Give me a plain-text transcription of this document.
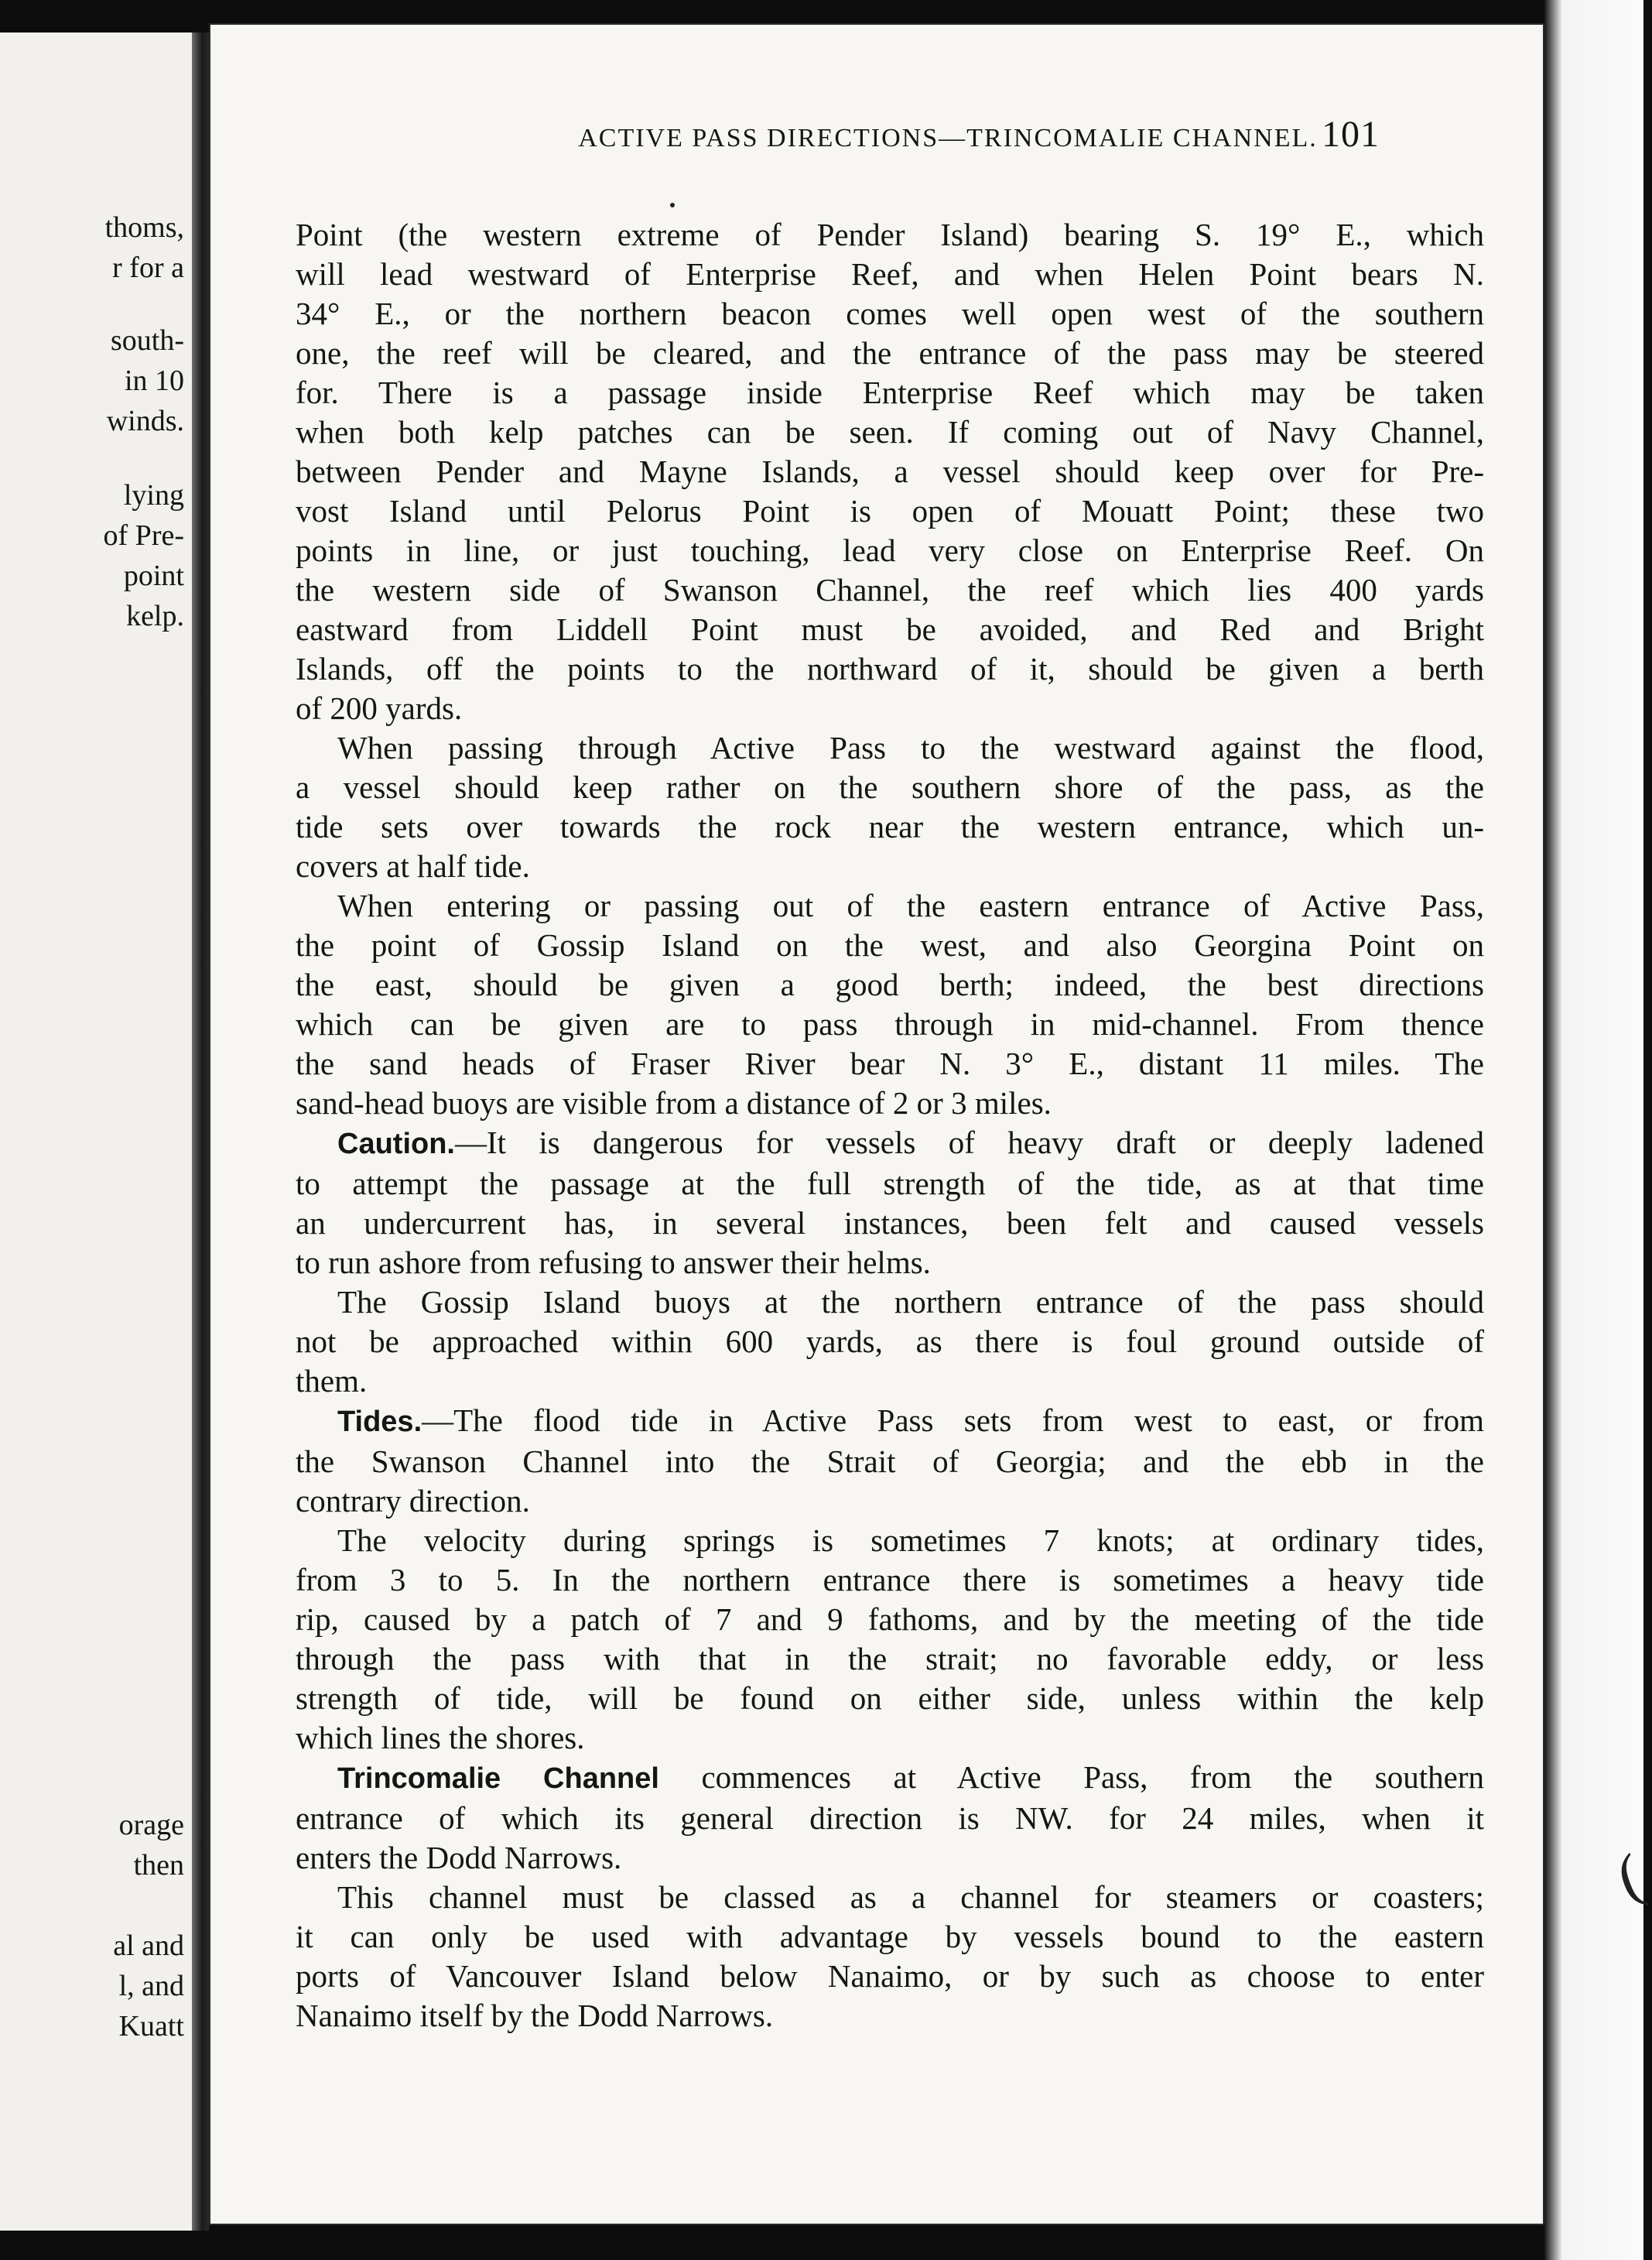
thoms,
r for a
south-
in 10
winds.
lying
of Pre-
point
kelp.
orage
then
al and
l, and
Kuatt
ACTIVE PASS DIRECTIONS—TRINCOMALIE CHANNEL. 101
Point (the western extreme of Pender Island) bearing S. 19° E., which
will lead westward of Enterprise Reef, and when Helen Point bears N.
34° E., or the northern beacon comes well open west of the southern
one, the reef will be cleared, and the entrance of the pass may be steered
for. There is a passage inside Enterprise Reef which may be taken
when both kelp patches can be seen. If coming out of Navy Channel,
between Pender and Mayne Islands, a vessel should keep over for Pre-
vost Island until Pelorus Point is open of Mouatt Point; these two
points in line, or just touching, lead very close on Enterprise Reef. On
the western side of Swanson Channel, the reef which lies 400 yards
eastward from Liddell Point must be avoided, and Red and Bright
Islands, off the points to the northward of it, should be given a berth
of 200 yards.
When passing through Active Pass to the westward against the flood,
a vessel should keep rather on the southern shore of the pass, as the
tide sets over towards the rock near the western entrance, which un-
covers at half tide.
When entering or passing out of the eastern entrance of Active Pass,
the point of Gossip Island on the west, and also Georgina Point on
the east, should be given a good berth; indeed, the best directions
which can be given are to pass through in mid-channel. From thence
the sand heads of Fraser River bear N. 3° E., distant 11 miles. The
sand-head buoys are visible from a distance of 2 or 3 miles.
Caution.—It is dangerous for vessels of heavy draft or deeply ladened
to attempt the passage at the full strength of the tide, as at that time
an undercurrent has, in several instances, been felt and caused vessels
to run ashore from refusing to answer their helms.
The Gossip Island buoys at the northern entrance of the pass should
not be approached within 600 yards, as there is foul ground outside of
them.
Tides.—The flood tide in Active Pass sets from west to east, or from
the Swanson Channel into the Strait of Georgia; and the ebb in the
contrary direction.
The velocity during springs is sometimes 7 knots; at ordinary tides,
from 3 to 5. In the northern entrance there is sometimes a heavy tide
rip, caused by a patch of 7 and 9 fathoms, and by the meeting of the tide
through the pass with that in the strait; no favorable eddy, or less
strength of tide, will be found on either side, unless within the kelp
which lines the shores.
Trincomalie Channel commences at Active Pass, from the southern
entrance of which its general direction is NW. for 24 miles, when it
enters the Dodd Narrows.
This channel must be classed as a channel for steamers or coasters;
it can only be used with advantage by vessels bound to the eastern
ports of Vancouver Island below Nanaimo, or by such as choose to enter
Nanaimo itself by the Dodd Narrows.
(
